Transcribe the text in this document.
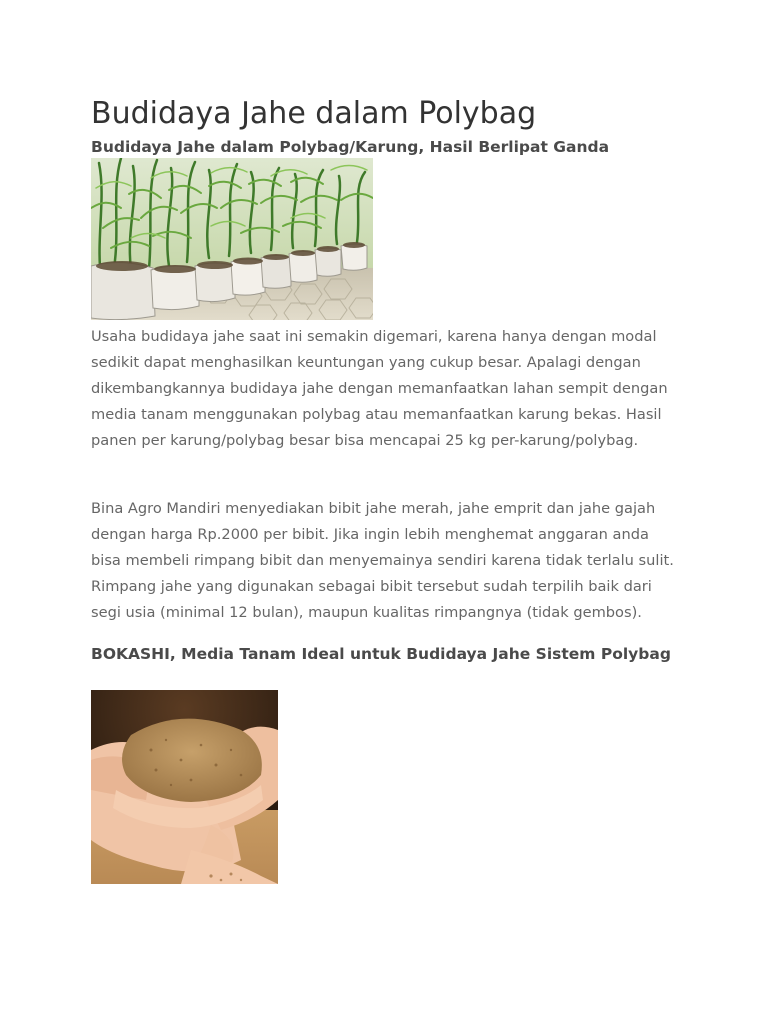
Budidaya Jahe dalam Polybag
Budidaya Jahe dalam Polybag/Karung, Hasil Berlipat Ganda

Usaha budidaya jahe saat ini semakin digemari, karena hanya dengan modal sedikit dapat menghasilkan keuntungan yang cukup besar. Apalagi dengan dikembangkannya budidaya jahe dengan memanfaatkan lahan sempit dengan media tanam menggunakan polybag atau memanfaatkan karung bekas. Hasil panen per karung/polybag besar bisa mencapai 25 kg per-karung/polybag.

Bina Agro Mandiri menyediakan bibit jahe merah, jahe emprit dan jahe gajah dengan harga Rp.2000 per bibit. Jika ingin lebih menghemat anggaran anda bisa membeli rimpang bibit dan menyemainya sendiri karena tidak terlalu sulit. Rimpang jahe yang digunakan sebagai bibit tersebut sudah terpilih baik dari segi usia (minimal 12 bulan), maupun kualitas rimpangnya (tidak gembos).

BOKASHI, Media Tanam Ideal untuk Budidaya Jahe Sistem Polybag
